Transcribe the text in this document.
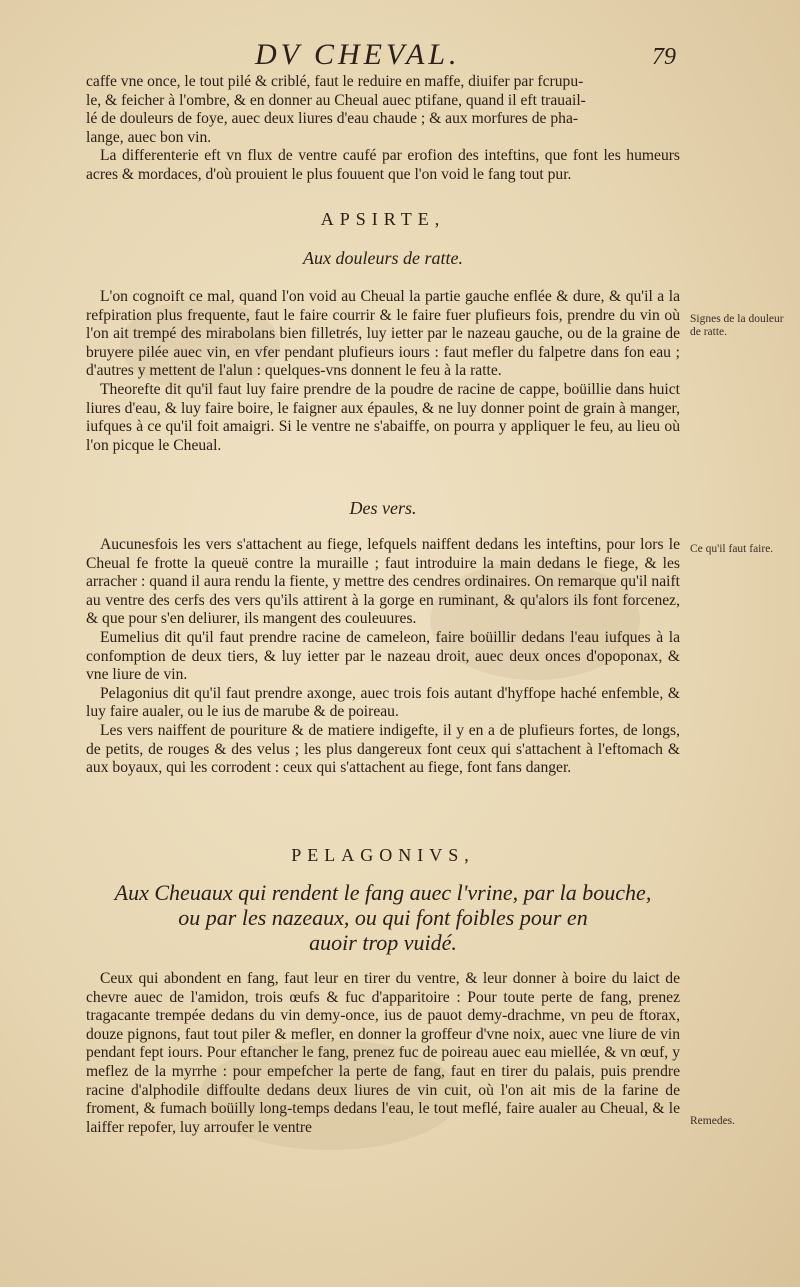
DV CHEVAL.	79

caffe vne once, le tout pilé & criblé, faut le reduire en maffe, diuifer par fcrupu-

le, & feicher à l'ombre, & en donner au Cheual auec ptifane, quand il eft trauail-

lé de douleurs de foye, auec deux liures d'eau chaude ; & aux morfures de pha-

lange, auec bon vin.

La differenterie eft vn flux de ventre caufé par erofion des inteftins, que font les humeurs acres & mordaces, d'où prouient le plus fouuent que l'on void le fang tout pur.

APSIRTE,
Aux douleurs de ratte.

L'on cognoift ce mal, quand l'on void au Cheual la partie gauche enflée & dure, & qu'il a la refpiration plus frequente, faut le faire courrir & le faire fuer plufieurs fois, prendre du vin où l'on ait trempé des mirabolans bien filletrés, luy ietter par le nazeau gauche, ou de la graine de bruyere pilée auec vin, en vfer pendant plufieurs iours : faut mefler du falpetre dans fon eau ; d'autres y mettent de l'alun : quelques-vns donnent le feu à la ratte.

Theorefte dit qu'il faut luy faire prendre de la poudre de racine de cappe, boüillie dans huict liures d'eau, & luy faire boire, le faigner aux épaules, & ne luy donner point de grain à manger, iufques à ce qu'il foit amaigri. Si le ventre ne s'abaiffe, on pourra y appliquer le feu, au lieu où l'on picque le Cheual.

Des vers.

Aucunesfois les vers s'attachent au fiege, lefquels naiffent dedans les inteftins, pour lors le Cheual fe frotte la queuë contre la muraille ; faut introduire la main dedans le fiege, & les arracher : quand il aura rendu la fiente, y mettre des cendres ordinaires. On remarque qu'il naift au ventre des cerfs des vers qu'ils attirent à la gorge en ruminant, & qu'alors ils font forcenez, & que pour s'en deliurer, ils mangent des couleuures.

Eumelius dit qu'il faut prendre racine de cameleon, faire boüillir dedans l'eau iufques à la confomption de deux tiers, & luy ietter par le nazeau droit, auec deux onces d'opoponax, & vne liure de vin.

Pelagonius dit qu'il faut prendre axonge, auec trois fois autant d'hyffope haché enfemble, & luy faire aualer, ou le ius de marube & de poireau.

Les vers naiffent de pouriture & de matiere indigefte, il y en a de plufieurs fortes, de longs, de petits, de rouges & des velus ; les plus dangereux font ceux qui s'attachent à l'eftomach & aux boyaux, qui les corrodent : ceux qui s'attachent au fiege, font fans danger.

PELAGONIVS,
Aux Cheuaux qui rendent le fang auec l'vrine, par la bouche,
ou par les nazeaux, ou qui font foibles pour en
auoir trop vuidé.

Ceux qui abondent en fang, faut leur en tirer du ventre, & leur donner à boire du laict de chevre auec de l'amidon, trois œufs & fuc d'apparitoire : Pour toute perte de fang, prenez tragacante trempée dedans du vin demy-once, ius de pauot demy-drachme, vn peu de ftorax, douze pignons, faut tout piler & mefler, en donner la groffeur d'vne noix, auec vne liure de vin pendant fept iours. Pour eftancher le fang, prenez fuc de poireau auec eau miellée, & vn œuf, y meflez de la myrrhe : pour empefcher la perte de fang, faut en tirer du palais, puis prendre racine d'alphodile diffoulte dedans deux liures de vin cuit, où l'on ait mis de la farine de froment, & fumach boüilly long-temps dedans l'eau, le tout meflé, faire aualer au Cheual, & le laiffer repofer, luy arroufer le ventre

Signes de la douleur de ratte.
Ce qu'il faut faire.
Remedes.
